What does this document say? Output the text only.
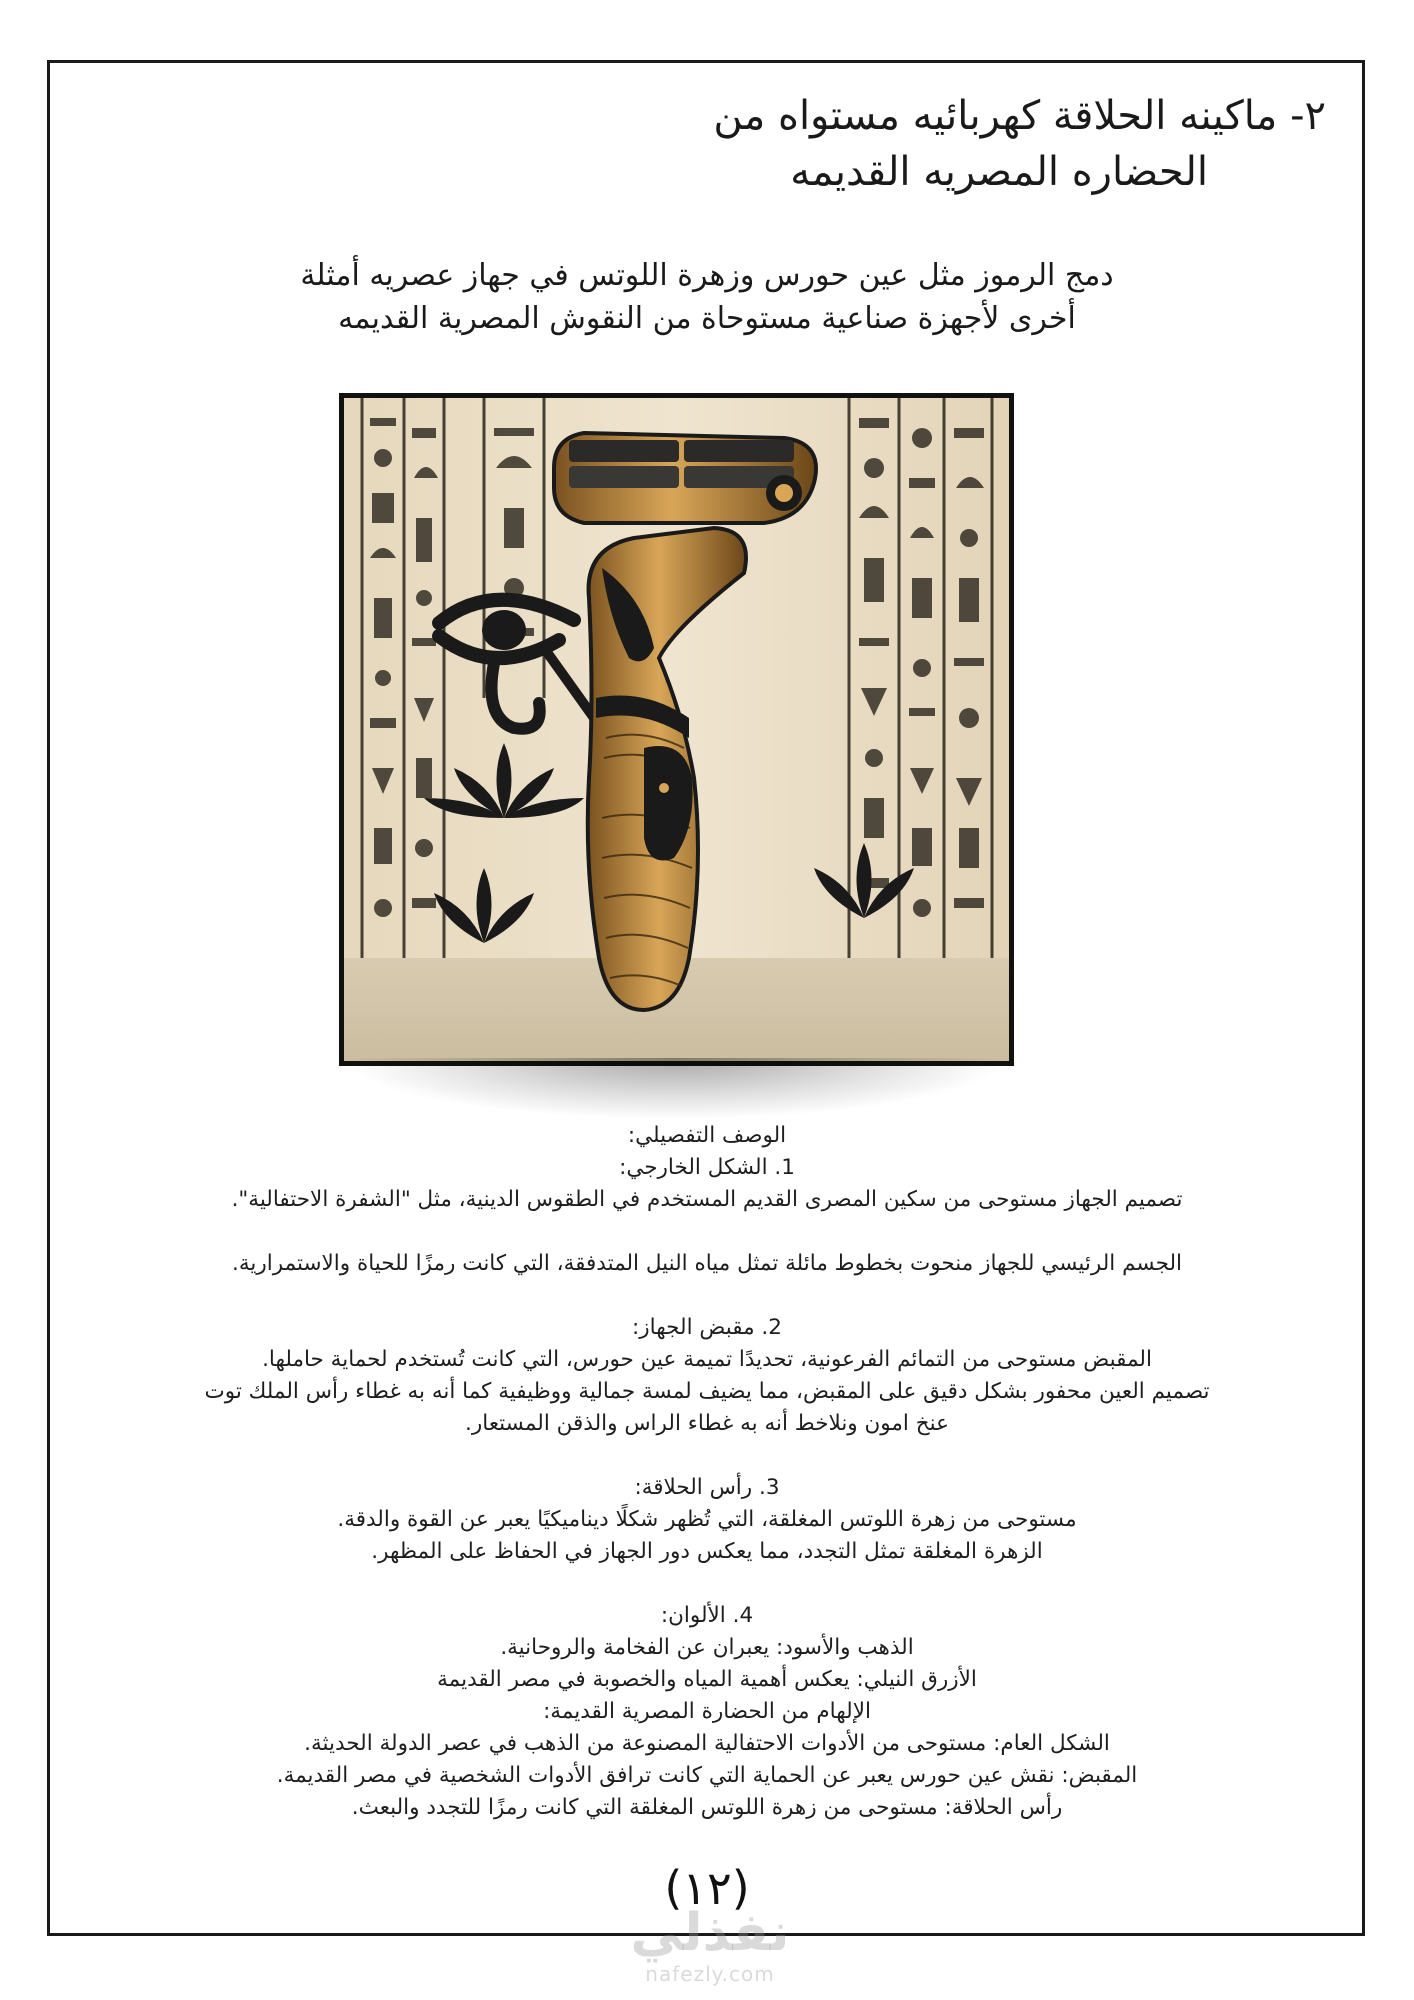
٢- ماكينه الحلاقة كهربائيه مستواه من
الحضاره المصريه القديمه
دمج الرموز مثل عين حورس وزهرة اللوتس في جهاز عصريه أمثلة
أخرى لأجهزة صناعية مستوحاة من النقوش المصرية القديمه

الوصف التفصيلي:

1. الشكل الخارجي:

تصميم الجهاز مستوحى من سكين المصرى القديم المستخدم في الطقوس الدينية، مثل "الشفرة الاحتفالية".

الجسم الرئيسي للجهاز منحوت بخطوط مائلة تمثل مياه النيل المتدفقة، التي كانت رمزًا للحياة والاستمرارية.

2. مقبض الجهاز:

المقبض مستوحى من التمائم الفرعونية، تحديدًا تميمة عين حورس، التي كانت تُستخدم لحماية حاملها.

تصميم العين محفور بشكل دقيق على المقبض، مما يضيف لمسة جمالية ووظيفية كما أنه به غطاء رأس الملك توت

عنخ امون ونلاخط أنه به غطاء الراس والذقن المستعار.

3. رأس الحلاقة:

مستوحى من زهرة اللوتس المغلقة، التي تُظهر شكلًا ديناميكيًا يعبر عن القوة والدقة.

الزهرة المغلقة تمثل التجدد، مما يعكس دور الجهاز في الحفاظ على المظهر.

4. الألوان:

الذهب والأسود: يعبران عن الفخامة والروحانية.

الأزرق النيلي: يعكس أهمية المياه والخصوبة في مصر القديمة

الإلهام من الحضارة المصرية القديمة:

الشكل العام: مستوحى من الأدوات الاحتفالية المصنوعة من الذهب في عصر الدولة الحديثة.

المقبض: نقش عين حورس يعبر عن الحماية التي كانت ترافق الأدوات الشخصية في مصر القديمة.

رأس الحلاقة: مستوحى من زهرة اللوتس المغلقة التي كانت رمزًا للتجدد والبعث.

(١٢)
نفذلي
nafezly.com
